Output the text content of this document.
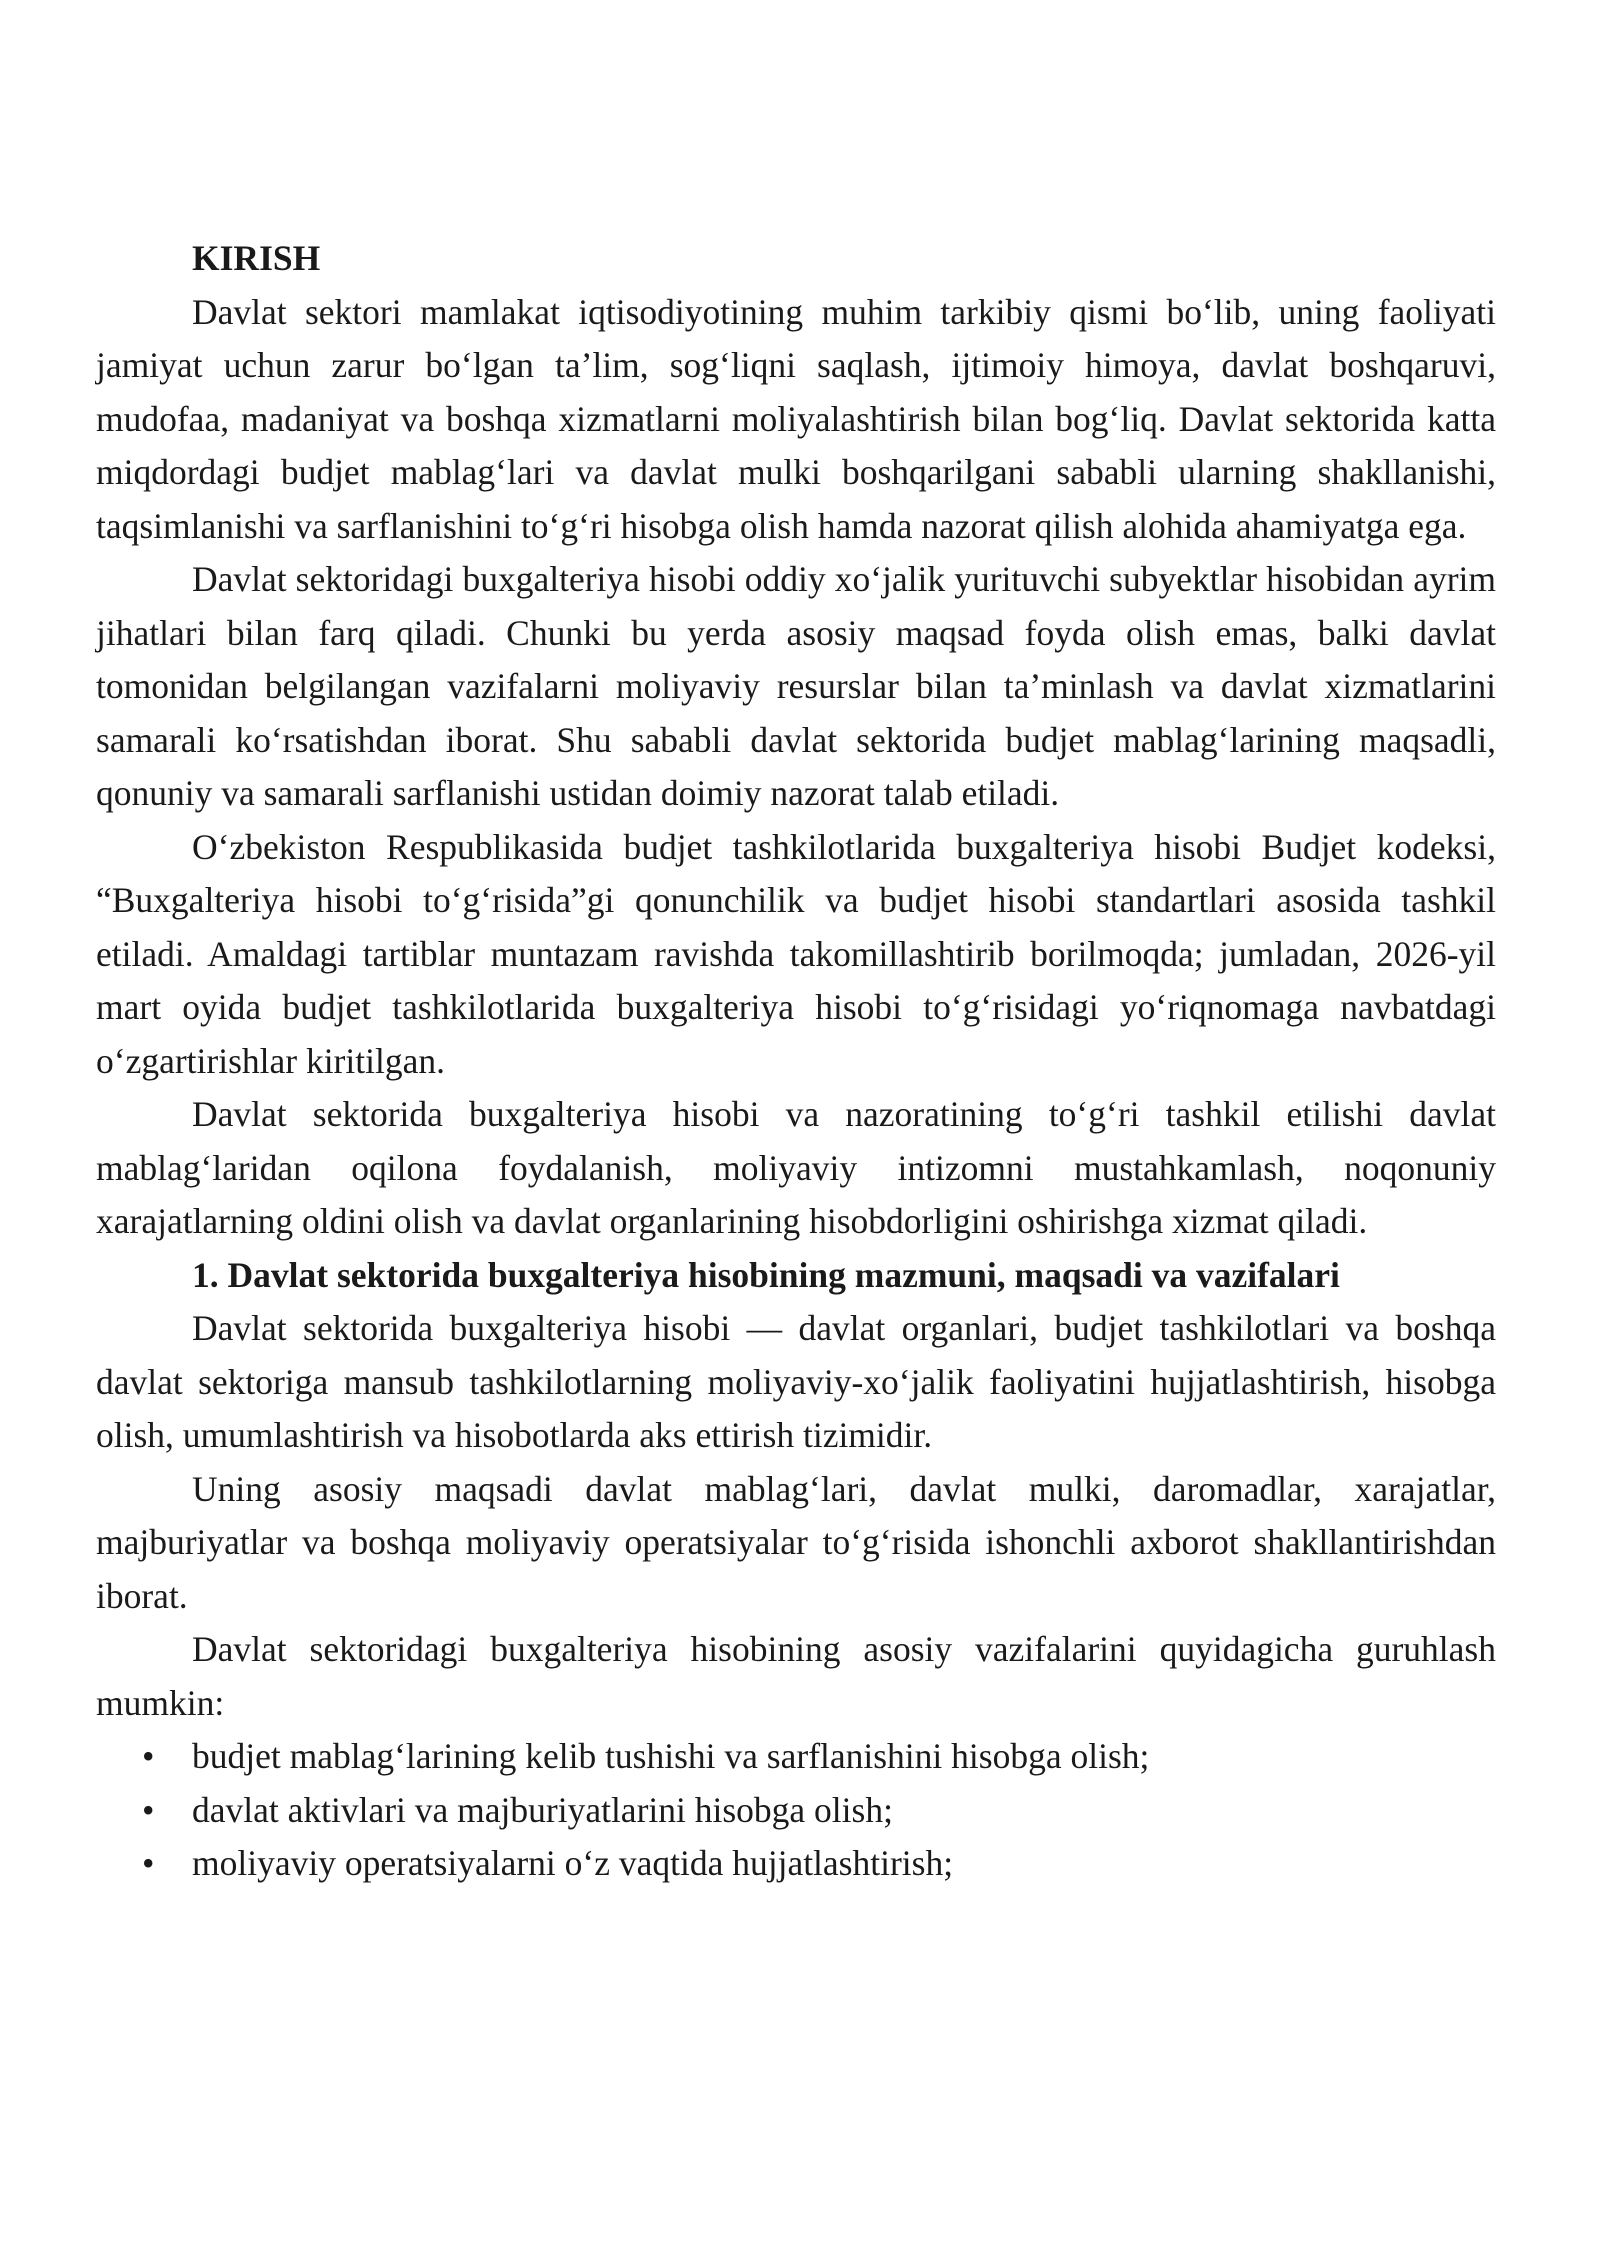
KIRISH

Davlat sektori mamlakat iqtisodiyotining muhim tarkibiy qismi bo‘lib, uning faoliyati jamiyat uchun zarur bo‘lgan ta’lim, sog‘liqni saqlash, ijtimoiy himoya, davlat boshqaruvi, mudofaa, madaniyat va boshqa xizmatlarni moliyalashtirish bilan bog‘liq. Davlat sektorida katta miqdordagi budjet mablag‘lari va davlat mulki boshqarilgani sababli ularning shakllanishi, taqsimlanishi va sarflanishini to‘g‘ri hisobga olish hamda nazorat qilish alohida ahamiyatga ega.

Davlat sektoridagi buxgalteriya hisobi oddiy xo‘jalik yurituvchi subyektlar hisobidan ayrim jihatlari bilan farq qiladi. Chunki bu yerda asosiy maqsad foyda olish emas, balki davlat tomonidan belgilangan vazifalarni moliyaviy resurslar bilan ta’minlash va davlat xizmatlarini samarali ko‘rsatishdan iborat. Shu sababli davlat sektorida budjet mablag‘larining maqsadli, qonuniy va samarali sarflanishi ustidan doimiy nazorat talab etiladi.

O‘zbekiston Respublikasida budjet tashkilotlarida buxgalteriya hisobi Budjet kodeksi, “Buxgalteriya hisobi to‘g‘risida”gi qonunchilik va budjet hisobi standartlari asosida tashkil etiladi. Amaldagi tartiblar muntazam ravishda takomillashtirib borilmoqda; jumladan, 2026-yil mart oyida budjet tashkilotlarida buxgalteriya hisobi to‘g‘risidagi yo‘riqnomaga navbatdagi o‘zgartirishlar kiritilgan.

Davlat sektorida buxgalteriya hisobi va nazoratining to‘g‘ri tashkil etilishi davlat mablag‘laridan oqilona foydalanish, moliyaviy intizomni mustahkamlash, noqonuniy xarajatlarning oldini olish va davlat organlarining hisobdorligini oshirishga xizmat qiladi.

1. Davlat sektorida buxgalteriya hisobining mazmuni, maqsadi va vazifalari

Davlat sektorida buxgalteriya hisobi — davlat organlari, budjet tashkilotlari va boshqa davlat sektoriga mansub tashkilotlarning moliyaviy-xo‘jalik faoliyatini hujjatlashtirish, hisobga olish, umumlashtirish va hisobotlarda aks ettirish tizimidir.

Uning asosiy maqsadi davlat mablag‘lari, davlat mulki, daromadlar, xarajatlar, majburiyatlar va boshqa moliyaviy operatsiyalar to‘g‘risida ishonchli axborot shakllantirishdan iborat.

Davlat sektoridagi buxgalteriya hisobining asosiy vazifalarini quyidagicha guruhlash mumkin:

• budjet mablag‘larining kelib tushishi va sarflanishini hisobga olish;
• davlat aktivlari va majburiyatlarini hisobga olish;
• moliyaviy operatsiyalarni o‘z vaqtida hujjatlashtirish;
